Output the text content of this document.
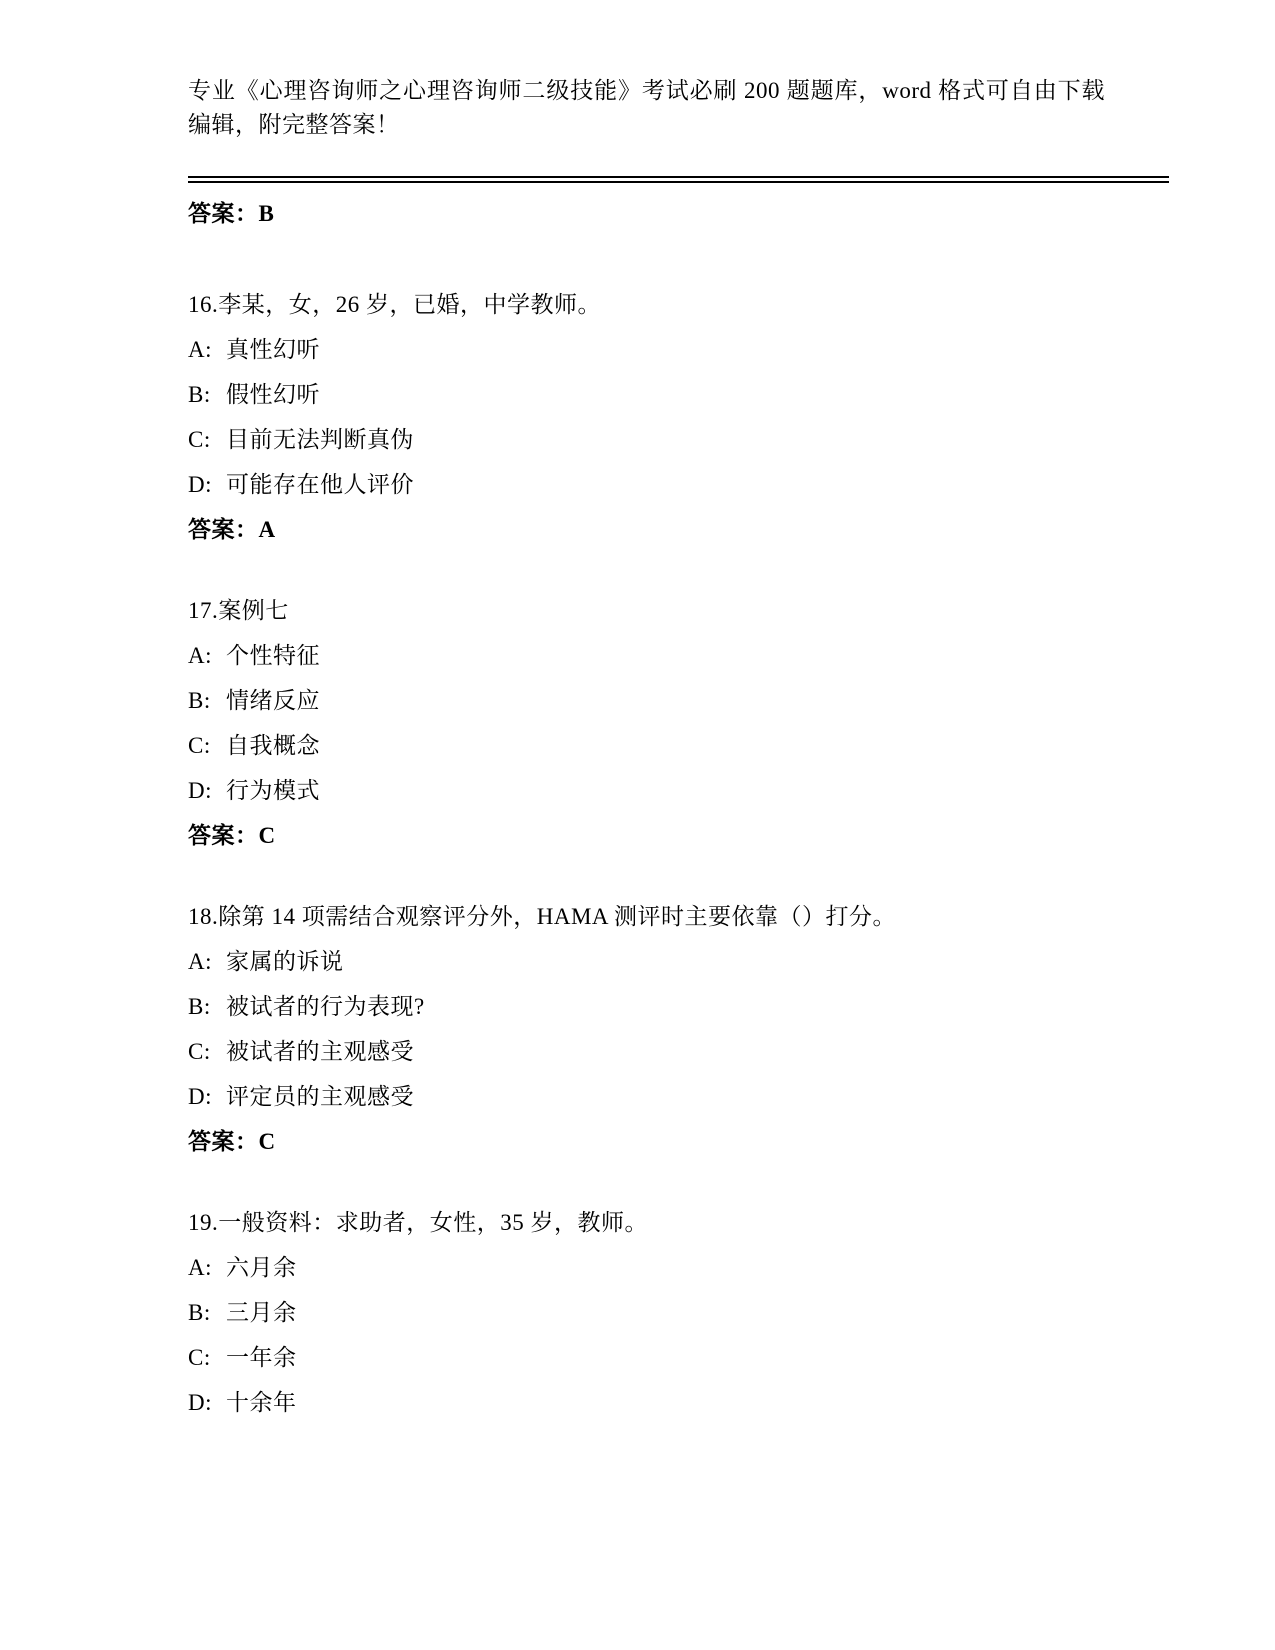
专业《心理咨询师之心理咨询师二级技能》考试必刷 200 题题库，word 格式可自由下载编辑，附完整答案！
答案：B
16.李某，女，26 岁，已婚，中学教师。
A: 真性幻听
B: 假性幻听
C: 目前无法判断真伪
D: 可能存在他人评价
答案：A
17.案例七
A: 个性特征
B: 情绪反应
C: 自我概念
D: 行为模式
答案：C
18.除第 14 项需结合观察评分外，HAMA 测评时主要依靠（）打分。
A: 家属的诉说
B: 被试者的行为表现?
C: 被试者的主观感受
D: 评定员的主观感受
答案：C
19.一般资料：求助者，女性，35 岁，教师。
A: 六月余
B: 三月余
C: 一年余
D: 十余年
